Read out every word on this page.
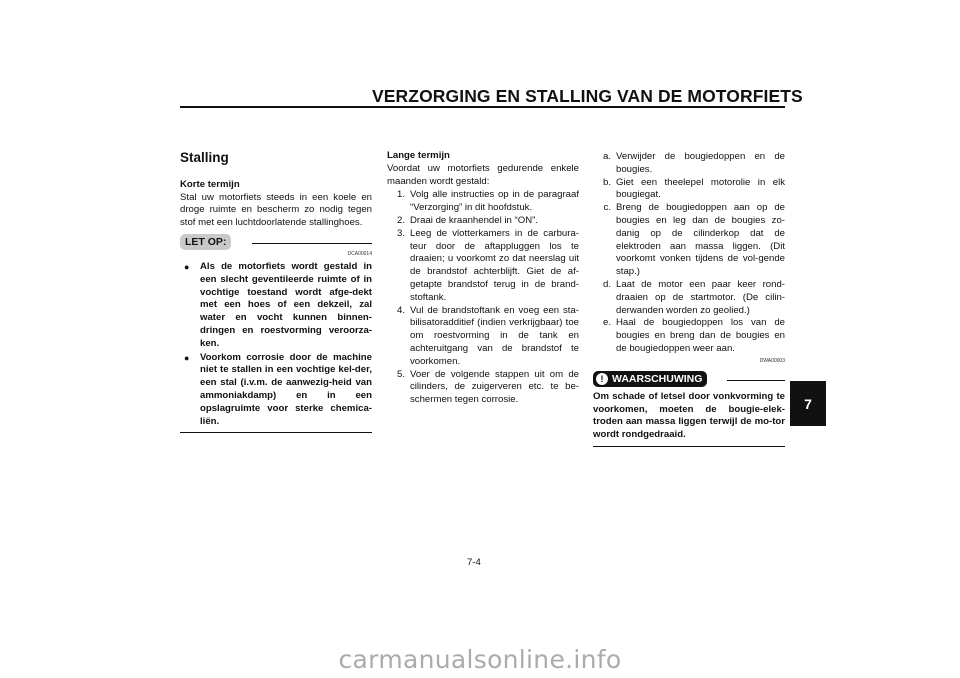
VERZORGING EN STALLING VAN DE MOTORFIETS
7
Stalling
Korte termijn

Stal uw motorfiets steeds in een koele en droge ruimte en bescherm zo nodig tegen stof met een luchtdoorlatende stallinghoes.

LET OP:
DCA00014
●	Als de motorfiets wordt gestald in een slecht geventileerde ruimte of in vochtige toestand wordt afge-dekt met een hoes of een dekzeil, zal water en vocht kunnen binnen-dringen en roestvorming veroorza-ken.
●	Voorkom corrosie door de machine niet te stallen in een vochtige kel-der, een stal (i.v.m. de aanwezig-heid van ammoniakdamp) en in een opslagruimte voor sterke chemica-liën.
Lange termijn

Voordat uw motorfiets gedurende enkele maanden wordt gestald:

1. Volg alle instructies op in de paragraaf “Verzorging” in dit hoofdstuk.
2. Draai de kraanhendel in “ON”.
3. Leeg de vlotterkamers in de carbura-teur door de aftappluggen los te draaien; u voorkomt zo dat neerslag uit de brandstof achterblijft. Giet de af-getapte brandstof terug in de brand-stoftank.
4. Vul de brandstoftank en voeg een sta-bilisatoradditief (indien verkrijgbaar) toe om roestvorming in de tank en achteruitgang van de brandstof te voorkomen.
5. Voer de volgende stappen uit om de cilinders, de zuigerveren etc. te be-schermen tegen corrosie.
a. Verwijder de bougiedoppen en de bougies.
b. Giet een theelepel motorolie in elk bougiegat.
c. Breng de bougiedoppen aan op de bougies en leg dan de bougies zo-danig op de cilinderkop dat de elektroden aan massa liggen. (Dit voorkomt vonken tijdens de vol-gende stap.)
d. Laat de motor een paar keer rond-draaien op de startmotor. (De cilin-derwanden worden zo geolied.)
e. Haal de bougiedoppen los van de bougies en breng dan de bougies en de bougiedoppen weer aan.
DWA00003
! WAARSCHUWING

Om schade of letsel door vonkvorming te voorkomen, moeten de bougie-elek-troden aan massa liggen terwijl de mo-tor wordt rondgedraaid.

7-4
carmanualsonline.info
